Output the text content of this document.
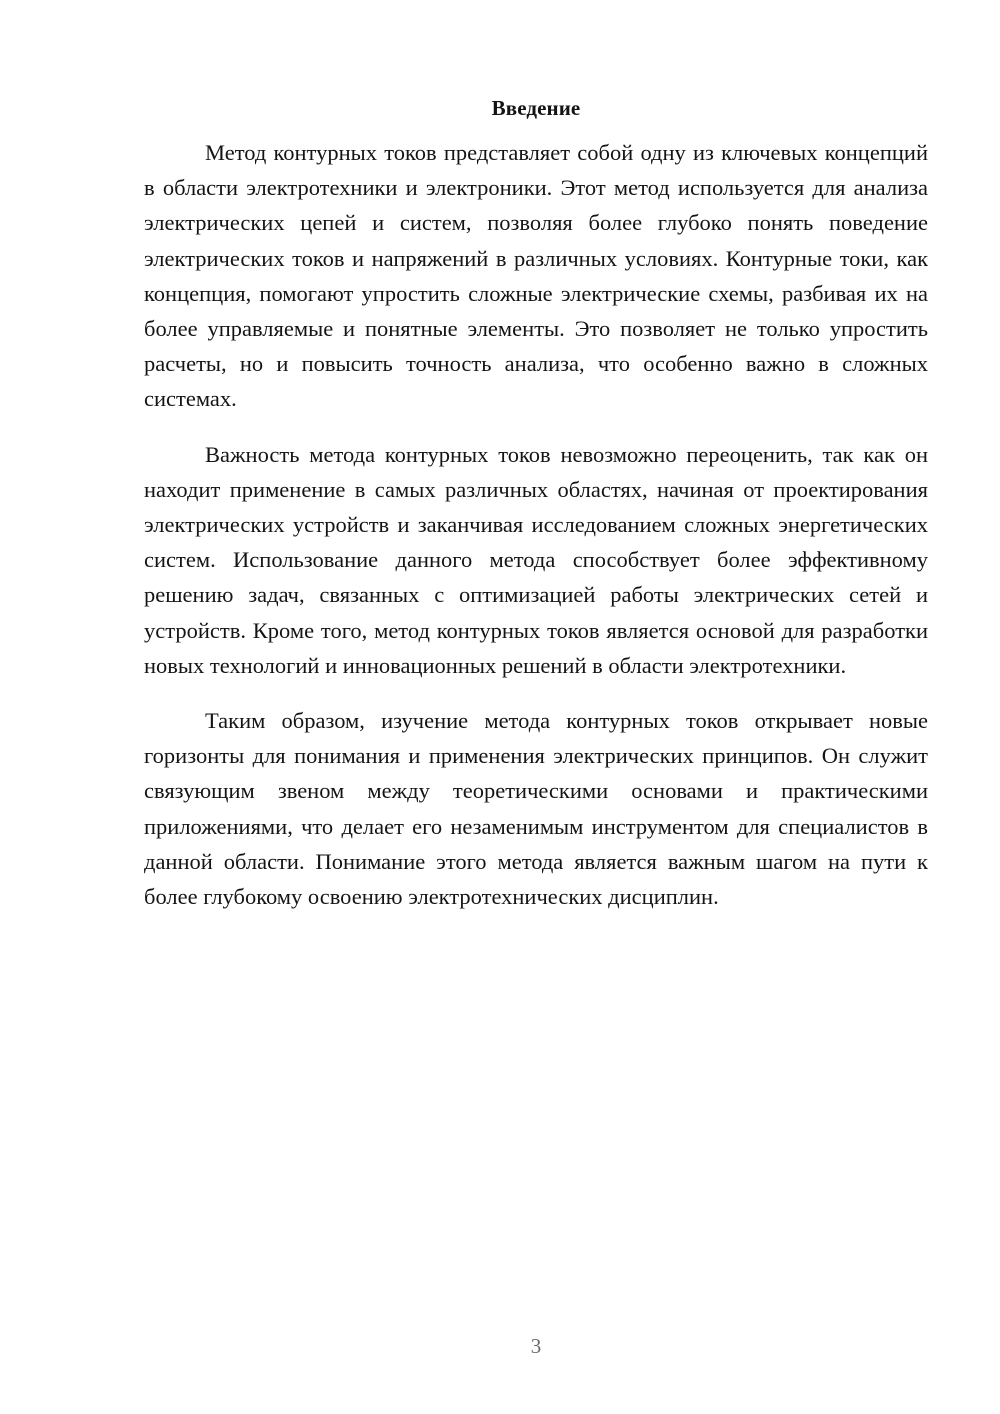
Введение

Метод контурных токов представляет собой одну из ключевых концепций в области электротехники и электроники. Этот метод используется для анализа электрических цепей и систем, позволяя более глубоко понять поведение электрических токов и напряжений в различных условиях. Контурные токи, как концепция, помогают упростить сложные электрические схемы, разбивая их на более управляемые и понятные элементы. Это позволяет не только упростить расчеты, но и повысить точность анализа, что особенно важно в сложных системах.

Важность метода контурных токов невозможно переоценить, так как он находит применение в самых различных областях, начиная от проектирования электрических устройств и заканчивая исследованием сложных энергетических систем. Использование данного метода способствует более эффективному решению задач, связанных с оптимизацией работы электрических сетей и устройств. Кроме того, метод контурных токов является основой для разработки новых технологий и инновационных решений в области электротехники.

Таким образом, изучение метода контурных токов открывает новые горизонты для понимания и применения электрических принципов. Он служит связующим звеном между теоретическими основами и практическими приложениями, что делает его незаменимым инструментом для специалистов в данной области. Понимание этого метода является важным шагом на пути к более глубокому освоению электротехнических дисциплин.

3
